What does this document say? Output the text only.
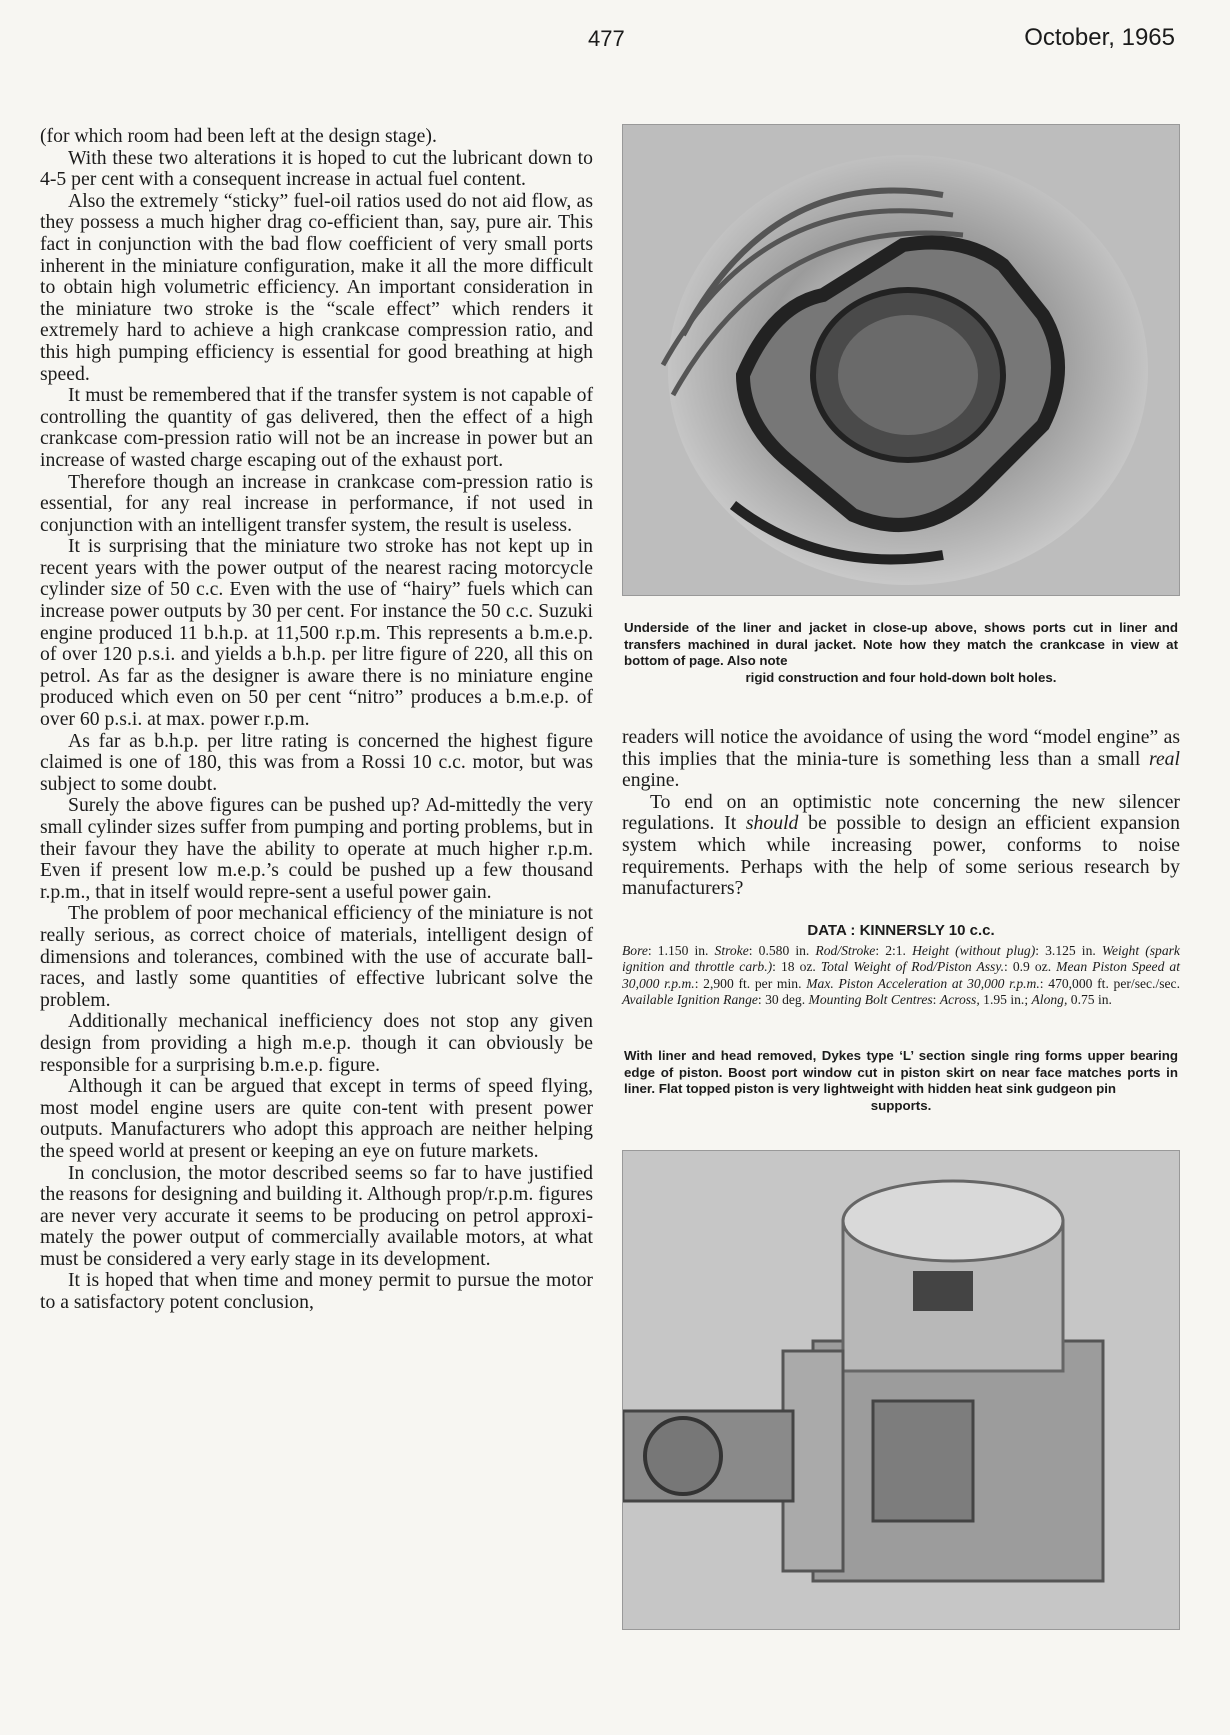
477	October, 1965

(for which room had been left at the design stage).

With these two alterations it is hoped to cut the lubricant down to 4-5 per cent with a consequent increase in actual fuel content.

Also the extremely “sticky” fuel-oil ratios used do not aid flow, as they possess a much higher drag co-efficient than, say, pure air. This fact in conjunction with the bad flow coefficient of very small ports inherent in the miniature configuration, make it all the more difficult to obtain high volumetric efficiency. An important consideration in the miniature two stroke is the “scale effect” which renders it extremely hard to achieve a high crankcase compression ratio, and this high pumping efficiency is essential for good breathing at high speed.

It must be remembered that if the transfer system is not capable of controlling the quantity of gas delivered, then the effect of a high crankcase com-pression ratio will not be an increase in power but an increase of wasted charge escaping out of the exhaust port.

Therefore though an increase in crankcase com-pression ratio is essential, for any real increase in performance, if not used in conjunction with an intelligent transfer system, the result is useless.

It is surprising that the miniature two stroke has not kept up in recent years with the power output of the nearest racing motorcycle cylinder size of 50 c.c. Even with the use of “hairy” fuels which can increase power outputs by 30 per cent. For instance the 50 c.c. Suzuki engine produced 11 b.h.p. at 11,500 r.p.m. This represents a b.m.e.p. of over 120 p.s.i. and yields a b.h.p. per litre figure of 220, all this on petrol. As far as the designer is aware there is no miniature engine produced which even on 50 per cent “nitro” produces a b.m.e.p. of over 60 p.s.i. at max. power r.p.m.

As far as b.h.p. per litre rating is concerned the highest figure claimed is one of 180, this was from a Rossi 10 c.c. motor, but was subject to some doubt.

Surely the above figures can be pushed up? Ad-mittedly the very small cylinder sizes suffer from pumping and porting problems, but in their favour they have the ability to operate at much higher r.p.m. Even if present low m.e.p.’s could be pushed up a few thousand r.p.m., that in itself would repre-sent a useful power gain.

The problem of poor mechanical efficiency of the miniature is not really serious, as correct choice of materials, intelligent design of dimensions and tolerances, combined with the use of accurate ball-races, and lastly some quantities of effective lubricant solve the problem.

Additionally mechanical inefficiency does not stop any given design from providing a high m.e.p. though it can obviously be responsible for a surprising b.m.e.p. figure.

Although it can be argued that except in terms of speed flying, most model engine users are quite con-tent with present power outputs. Manufacturers who adopt this approach are neither helping the speed world at present or keeping an eye on future markets.

In conclusion, the motor described seems so far to have justified the reasons for designing and building it. Although prop/r.p.m. figures are never very accurate it seems to be producing on petrol approxi-mately the power output of commercially available motors, at what must be considered a very early stage in its development.

It is hoped that when time and money permit to pursue the motor to a satisfactory potent conclusion,

Underside of the liner and jacket in close-up above, shows ports cut in liner and transfers machined in dural jacket. Note how they match the crankcase in view at bottom of page. Also note
rigid construction and four hold-down bolt holes.

readers will notice the avoidance of using the word “model engine” as this implies that the minia-ture is something less than a small real engine.

To end on an optimistic note concerning the new silencer regulations. It should be possible to design an efficient expansion system which while increasing power, conforms to noise requirements. Perhaps with the help of some serious research by manufacturers?

DATA : KINNERSLY 10 c.c.
Bore: 1.150 in. Stroke: 0.580 in. Rod/Stroke: 2:1. Height (without plug): 3.125 in. Weight (spark ignition and throttle carb.): 18 oz. Total Weight of Rod/Piston Assy.: 0.9 oz. Mean Piston Speed at 30,000 r.p.m.: 2,900 ft. per min. Max. Piston Acceleration at 30,000 r.p.m.: 470,000 ft. per/sec./sec. Available Ignition Range: 30 deg. Mounting Bolt Centres: Across, 1.95 in.; Along, 0.75 in.
With liner and head removed, Dykes type ‘L’ section single ring forms upper bearing edge of piston. Boost port window cut in piston skirt on near face matches ports in liner. Flat topped piston is very lightweight with hidden heat sink gudgeon pin
supports.
